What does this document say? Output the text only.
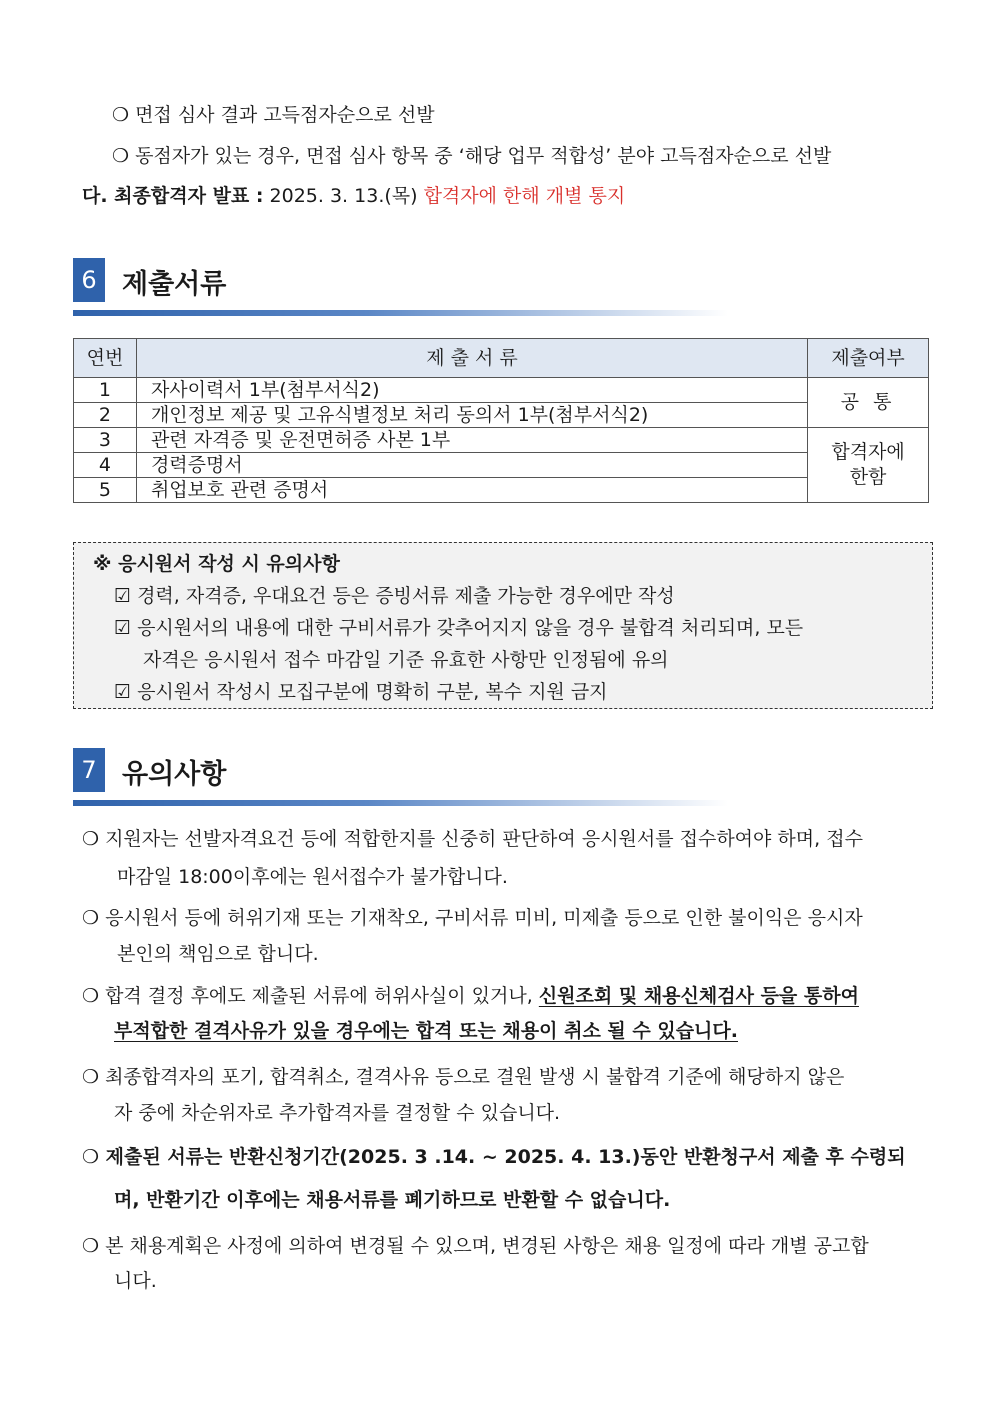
❍ 면접 심사 결과 고득점자순으로 선발
❍ 동점자가 있는 경우, 면접 심사 항목 중 ‘해당 업무 적합성’ 분야 고득점자순으로 선발
다. 최종합격자 발표 : 2025. 3. 13.(목) 합격자에 한해 개별 통지
6 제출서류
연번	제 출 서 류	제출여부
1	자사이력서 1부(첨부서식2)	공 통
2	개인정보 제공 및 고유식별정보 처리 동의서 1부(첨부서식2)	
3	관련 자격증 및 운전면허증 사본 1부	합격자에
한함

4	경력증명서	
5	취업보호 관련 증명서	
※ 응시원서 작성 시 유의사항
☑ 경력, 자격증, 우대요건 등은 증빙서류 제출 가능한 경우에만 작성
☑ 응시원서의 내용에 대한 구비서류가 갖추어지지 않을 경우 불합격 처리되며, 모든
자격은 응시원서 접수 마감일 기준 유효한 사항만 인정됨에 유의
☑ 응시원서 작성시 모집구분에 명확히 구분, 복수 지원 금지
7 유의사항
❍ 지원자는 선발자격요건 등에 적합한지를 신중히 판단하여 응시원서를 접수하여야 하며, 접수
마감일 18:00이후에는 원서접수가 불가합니다.
❍ 응시원서 등에 허위기재 또는 기재착오, 구비서류 미비, 미제출 등으로 인한 불이익은 응시자
본인의 책임으로 합니다.
❍ 합격 결정 후에도 제출된 서류에 허위사실이 있거나, 신원조회 및 채용신체검사 등을 통하여
부적합한 결격사유가 있을 경우에는 합격 또는 채용이 취소 될 수 있습니다.
❍ 최종합격자의 포기, 합격취소, 결격사유 등으로 결원 발생 시 불합격 기준에 해당하지 않은
자 중에 차순위자로 추가합격자를 결정할 수 있습니다.
❍ 제출된 서류는 반환신청기간(2025. 3 .14. ~ 2025. 4. 13.)동안 반환청구서 제출 후 수령되
며, 반환기간 이후에는 채용서류를 폐기하므로 반환할 수 없습니다.
❍ 본 채용계획은 사정에 의하여 변경될 수 있으며, 변경된 사항은 채용 일정에 따라 개별 공고합
니다.
